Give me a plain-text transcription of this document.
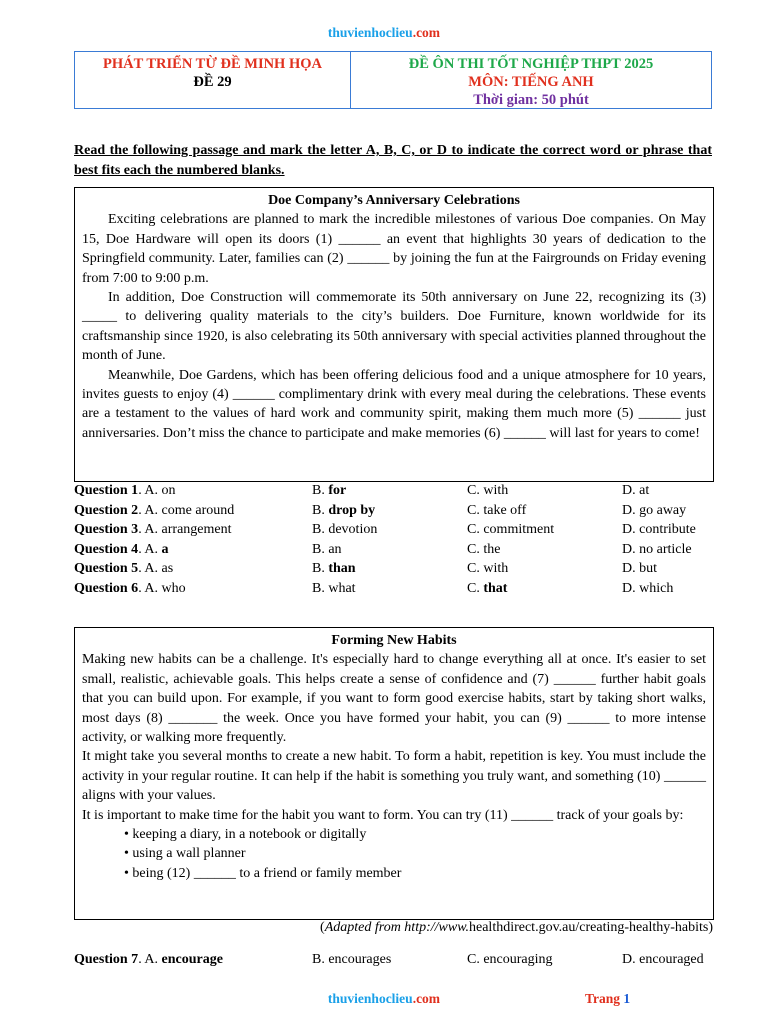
thuvienhoclieu.com
PHÁT TRIỂN TỪ ĐỀ MINH HỌA
ĐỀ 29
ĐỀ ÔN THI TỐT NGHIỆP THPT 2025
MÔN: TIẾNG ANH
Thời gian: 50 phút
Read the following passage and mark the letter A, B, C, or D to indicate the correct word or phrase that best fits each the numbered blanks.
Doe Company’s Anniversary Celebrations

Exciting celebrations are planned to mark the incredible milestones of various Doe companies. On May 15, Doe Hardware will open its doors (1) ______ an event that highlights 30 years of dedication to the Springfield community. Later, families can (2) ______ by joining the fun at the Fairgrounds on Friday evening from 7:00 to 9:00 p.m.

In addition, Doe Construction will commemorate its 50th anniversary on June 22, recognizing its (3) _____ to delivering quality materials to the city’s builders. Doe Furniture, known worldwide for its craftsmanship since 1920, is also celebrating its 50th anniversary with special activities planned throughout the month of June.

Meanwhile, Doe Gardens, which has been offering delicious food and a unique atmosphere for 10 years, invites guests to enjoy (4) ______ complimentary drink with every meal during the celebrations. These events are a testament to the values of hard work and community spirit, making them much more (5) ______ just anniversaries. Don’t miss the chance to participate and make memories (6) ______ will last for years to come!

Question 1. A. on	B. for	C. with	D. at
Question 2. A. come around	B. drop by	C. take off	D. go away
Question 3. A. arrangement	B. devotion	C. commitment	D. contribute
Question 4. A. a	B. an	C. the	D. no article
Question 5. A. as	B. than	C. with	D. but
Question 6. A. who	B. what	C. that	D. which
Forming New Habits

Making new habits can be a challenge. It's especially hard to change everything all at once. It's easier to set small, realistic, achievable goals. This helps create a sense of confidence and (7) ______ further habit goals that you can build upon. For example, if you want to form good exercise habits, start by taking short walks, most days (8) _______ the week. Once you have formed your habit, you can (9) ______ to more intense activity, or walking more frequently.

It might take you several months to create a new habit. To form a habit, repetition is key. You must include the activity in your regular routine. It can help if the habit is something you truly want, and something (10) ______ aligns with your values.

It is important to make time for the habit you want to form. You can try (11) ______ track of your goals by:

• keeping a diary, in a notebook or digitally

• using a wall planner

• being (12) ______ to a friend or family member

(Adapted from http://www.healthdirect.gov.au/creating-healthy-habits)
Question 7. A. encourage	B. encourages	C. encouraging	D. encouraged
thuvienhoclieu.com	Trang 1
